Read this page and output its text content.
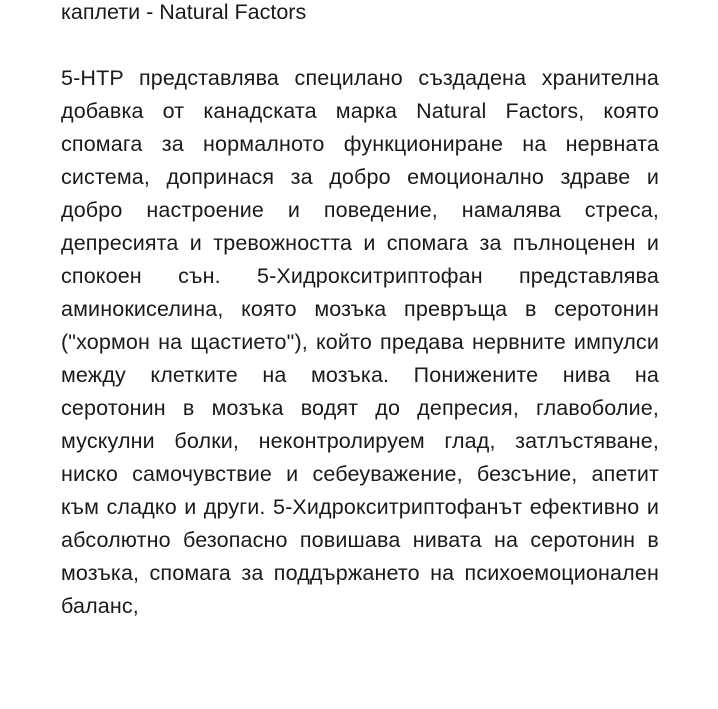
каплети - Natural Factors

5-HTP представлява специлано създадена хранителна добавка от канадската марка Natural Factors, която спомага за нормалното функциониране на нервната система, допринася за добро емоционално здраве и добро настроение и поведение, намалява стреса, депресията и тревожността и спомага за пълноценен и спокоен сън. 5-Хидрокситриптофан представлява аминокиселина, която мозъка превръща в серотонин ("хормон на щастието"), който предава нервните импулси между клетките на мозъка. Понижените нива на серотонин в мозъка водят до депресия, главоболие, мускулни болки, неконтролируем глад, затлъстяване, ниско самочувствие и себеуважение, безсъние, апетит към сладко и други. 5-Хидрокситриптофанът ефективно и абсолютно безопасно повишава нивата на серотонин в мозъка, спомага за поддържането на психоемоционален баланс,
